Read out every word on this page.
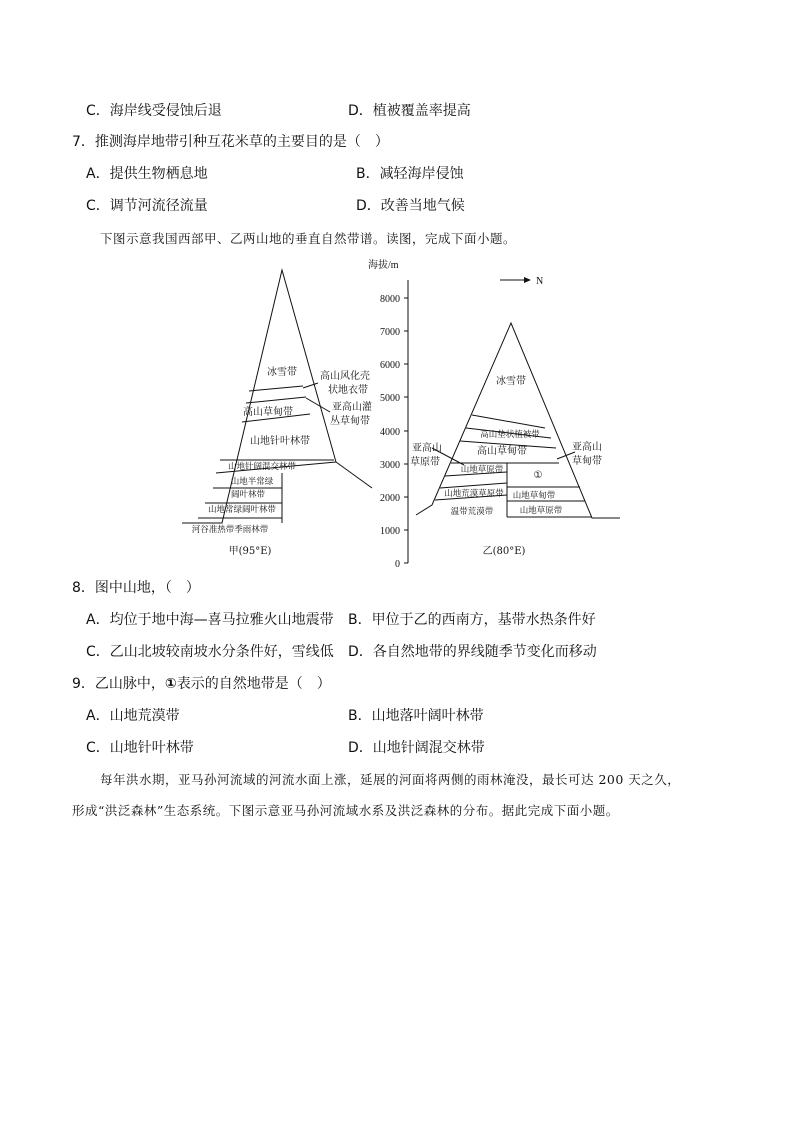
C．海岸线受侵蚀后退	D．植被覆盖率提高
7．推测海岸地带引种互花米草的主要目的是（　）
A．提供生物栖息地	B．减轻海岸侵蚀
C．调节河流径流量	D．改善当地气候
下图示意我国西部甲、乙两山地的垂直自然带谱。读图，完成下面小题。
海拔/m
8000
7000
6000
5000
4000
3000
2000
1000
0
N
冰雪带
高山草甸带
山地针叶林带
山地针阔混交林带
山地半常绿
阔叶林带
山地常绿阔叶林带
河谷准热带季雨林带
高山风化壳
状地衣带
亚高山灌
丛草甸带
甲(95°E)
冰雪带
高山垫状植被带
高山草甸带
山地草原带	①
山地荒漠草原带 山地草甸带
温带荒漠带	山地草原带
亚高山
草原带
亚高山
草甸带
乙(80°E)
8．图中山地，（　）
A．均位于地中海—喜马拉雅火山地震带 B．甲位于乙的西南方，基带水热条件好
C．乙山北坡较南坡水分条件好，雪线低 D．各自然地带的界线随季节变化而移动
9．乙山脉中，①表示的自然地带是（　）
A．山地荒漠带	B．山地落叶阔叶林带
C．山地针叶林带	D．山地针阔混交林带
每年洪水期，亚马孙河流域的河流水面上涨，延展的河面将两侧的雨林淹没，最长可达 200 天之久，
形成“洪泛森林”生态系统。下图示意亚马孙河流域水系及洪泛森林的分布。据此完成下面小题。
